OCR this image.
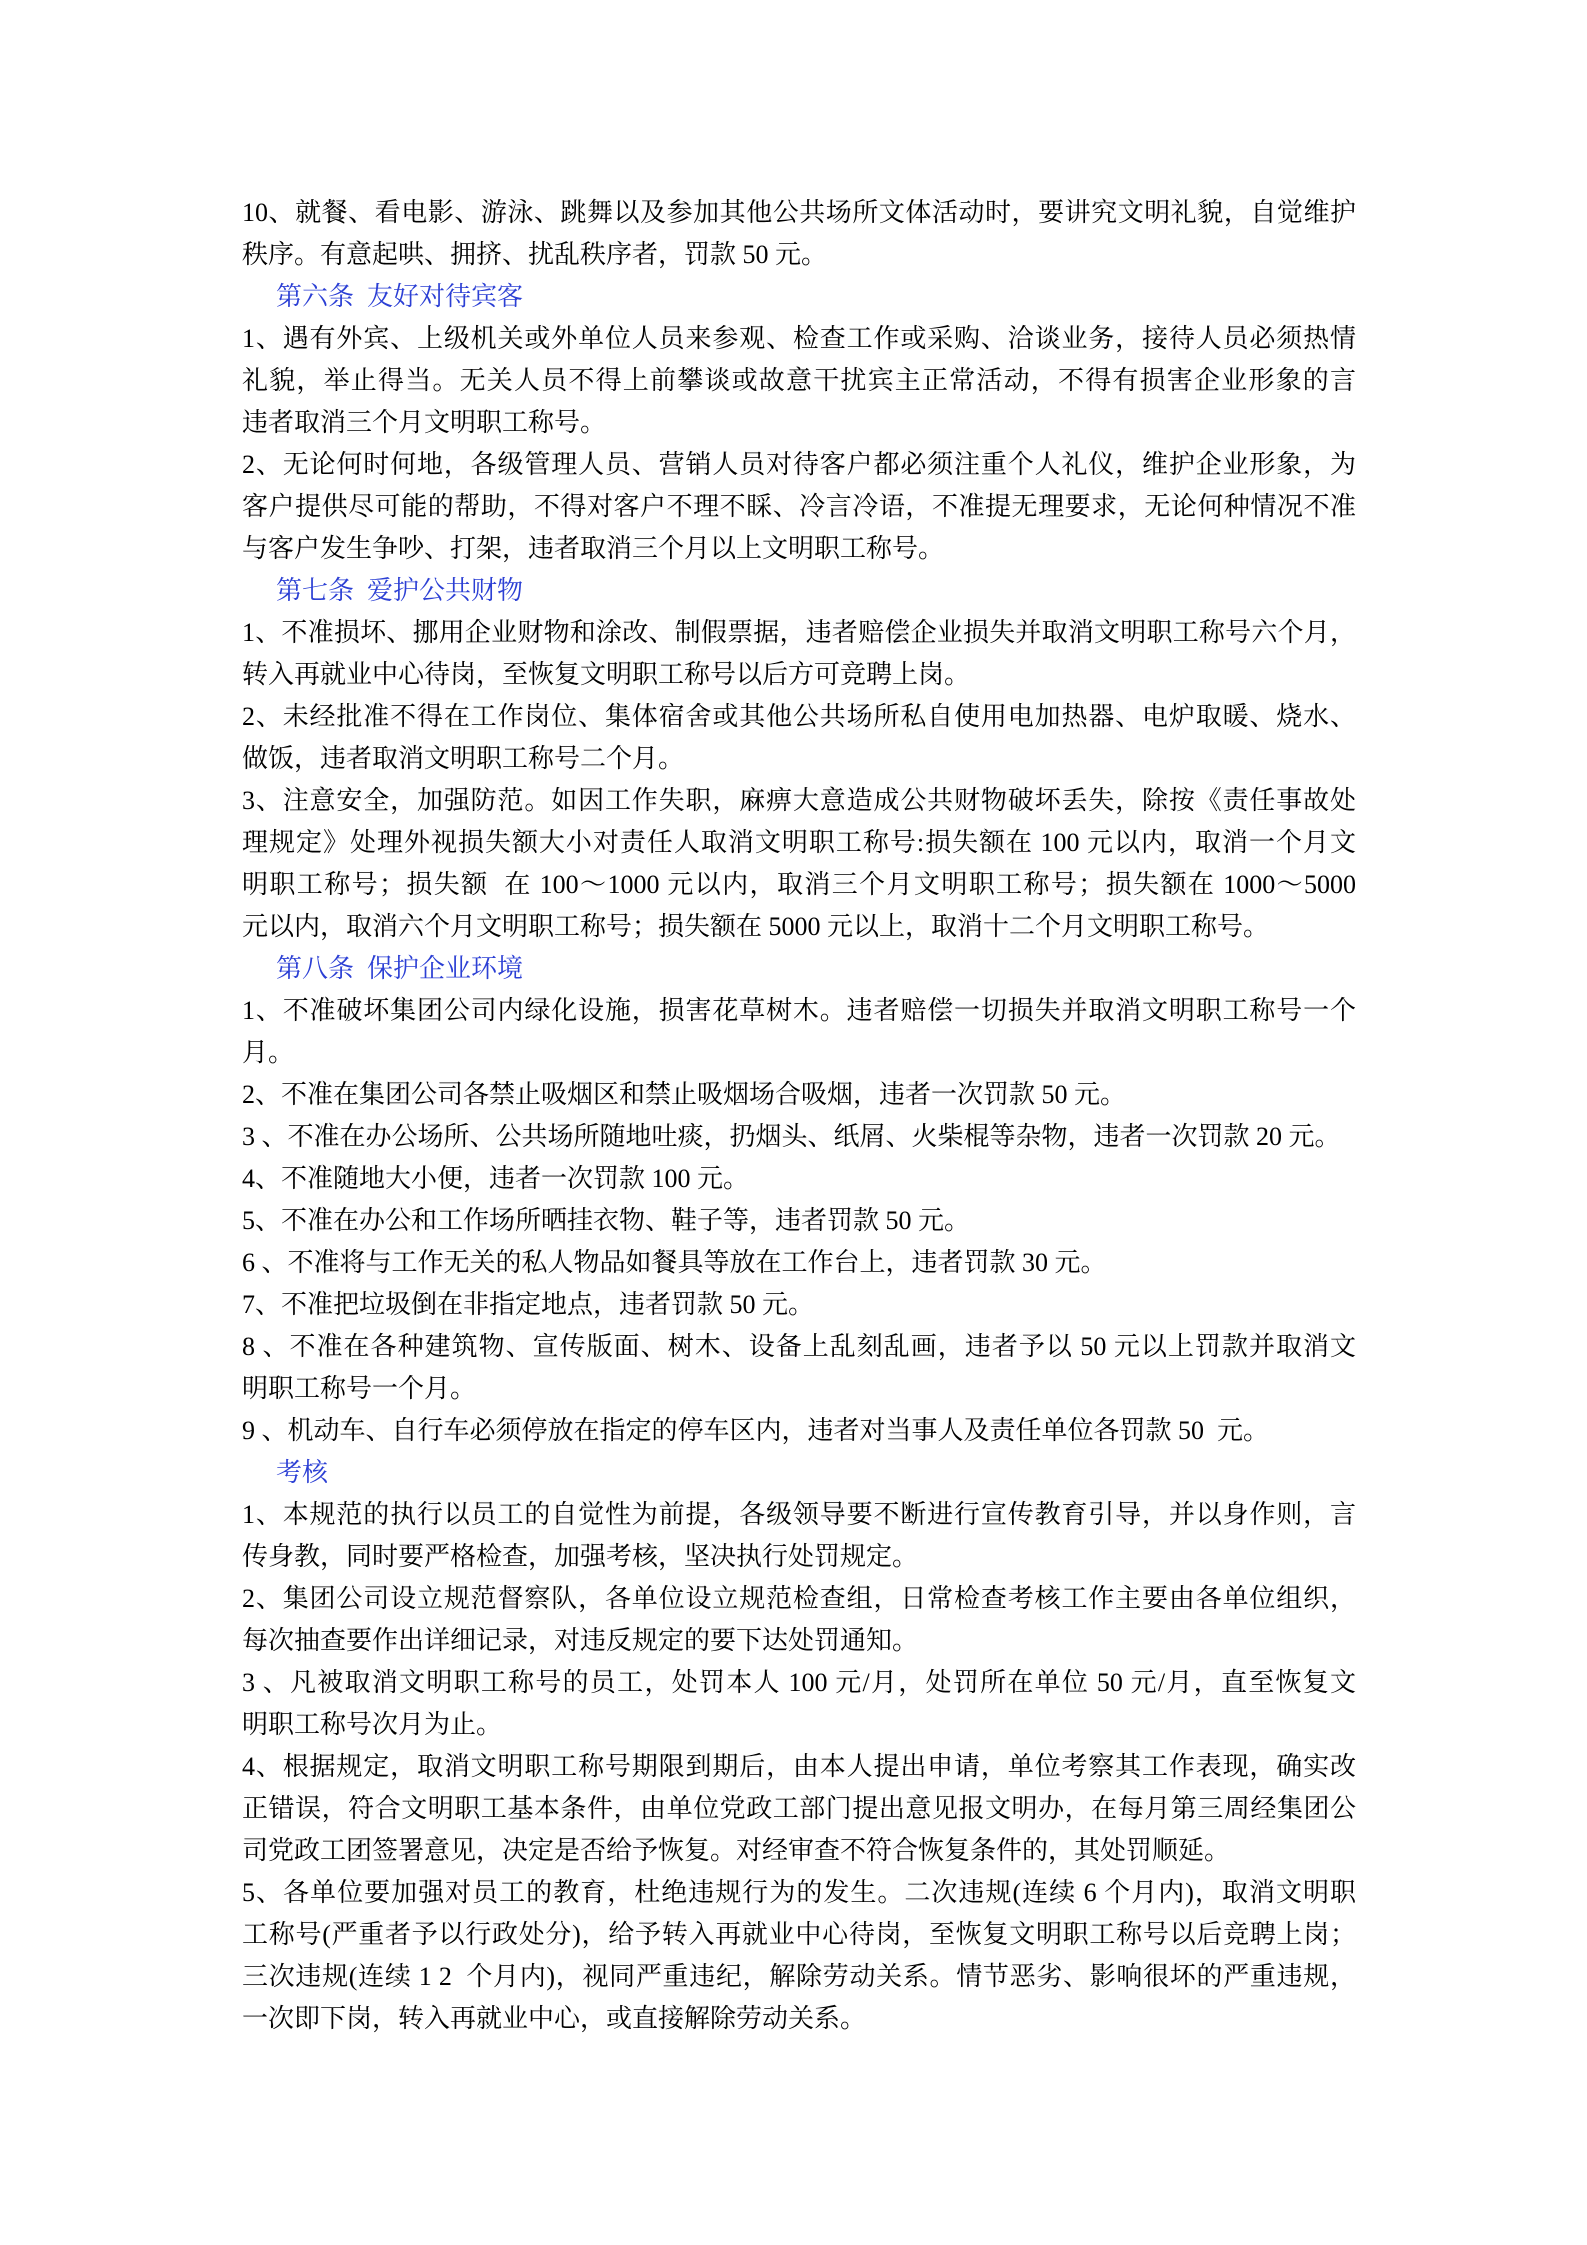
10、就餐、看电影、游泳、跳舞以及参加其他公共场所文体活动时，要讲究文明礼貌，自觉维护
秩序。有意起哄、拥挤、扰乱秩序者，罚款 50 元。
第六条  友好对待宾客
1、遇有外宾、上级机关或外单位人员来参观、检查工作或采购、洽谈业务，接待人员必须热情
礼貌，举止得当。无关人员不得上前攀谈或故意干扰宾主正常活动，不得有损害企业形象的言
违者取消三个月文明职工称号。
2、无论何时何地，各级管理人员、营销人员对待客户都必须注重个人礼仪，维护企业形象，为
客户提供尽可能的帮助，不得对客户不理不睬、冷言冷语，不准提无理要求，无论何种情况不准
与客户发生争吵、打架，违者取消三个月以上文明职工称号。
第七条  爱护公共财物
1、不准损坏、挪用企业财物和涂改、制假票据，违者赔偿企业损失并取消文明职工称号六个月，
转入再就业中心待岗，至恢复文明职工称号以后方可竞聘上岗。
2、未经批准不得在工作岗位、集体宿舍或其他公共场所私自使用电加热器、电炉取暖、烧水、
做饭，违者取消文明职工称号二个月。
3、注意安全，加强防范。如因工作失职，麻痹大意造成公共财物破坏丢失，除按《责任事故处
理规定》处理外视损失额大小对责任人取消文明职工称号:损失额在 100 元以内，取消一个月文
明职工称号；损失额  在 100～1000 元以内，取消三个月文明职工称号；损失额在 1000～5000
元以内，取消六个月文明职工称号；损失额在 5000 元以上，取消十二个月文明职工称号。
第八条  保护企业环境
1、不准破坏集团公司内绿化设施，损害花草树木。违者赔偿一切损失并取消文明职工称号一个
月。
2、不准在集团公司各禁止吸烟区和禁止吸烟场合吸烟，违者一次罚款 50 元。
3 、不准在办公场所、公共场所随地吐痰，扔烟头、纸屑、火柴棍等杂物，违者一次罚款 20 元。
4、不准随地大小便，违者一次罚款 100 元。
5、不准在办公和工作场所晒挂衣物、鞋子等，违者罚款 50 元。
6 、不准将与工作无关的私人物品如餐具等放在工作台上，违者罚款 30 元。
7、不准把垃圾倒在非指定地点，违者罚款 50 元。
8 、不准在各种建筑物、宣传版面、树木、设备上乱刻乱画，违者予以 50 元以上罚款并取消文
明职工称号一个月。
9 、机动车、自行车必须停放在指定的停车区内，违者对当事人及责任单位各罚款 50  元。
考核
1、本规范的执行以员工的自觉性为前提，各级领导要不断进行宣传教育引导，并以身作则，言
传身教，同时要严格检查，加强考核，坚决执行处罚规定。
2、集团公司设立规范督察队，各单位设立规范检查组，日常检查考核工作主要由各单位组织，
每次抽查要作出详细记录，对违反规定的要下达处罚通知。
3 、凡被取消文明职工称号的员工，处罚本人 100 元/月，处罚所在单位 50 元/月，直至恢复文
明职工称号次月为止。
4、根据规定，取消文明职工称号期限到期后，由本人提出申请，单位考察其工作表现，确实改
正错误，符合文明职工基本条件，由单位党政工部门提出意见报文明办，在每月第三周经集团公
司党政工团签署意见，决定是否给予恢复。对经审查不符合恢复条件的，其处罚顺延。
5、各单位要加强对员工的教育，杜绝违规行为的发生。二次违规(连续 6 个月内)，取消文明职
工称号(严重者予以行政处分)，给予转入再就业中心待岗，至恢复文明职工称号以后竞聘上岗；
三次违规(连续 1 2  个月内)，视同严重违纪，解除劳动关系。情节恶劣、影响很坏的严重违规，
一次即下岗，转入再就业中心，或直接解除劳动关系。
